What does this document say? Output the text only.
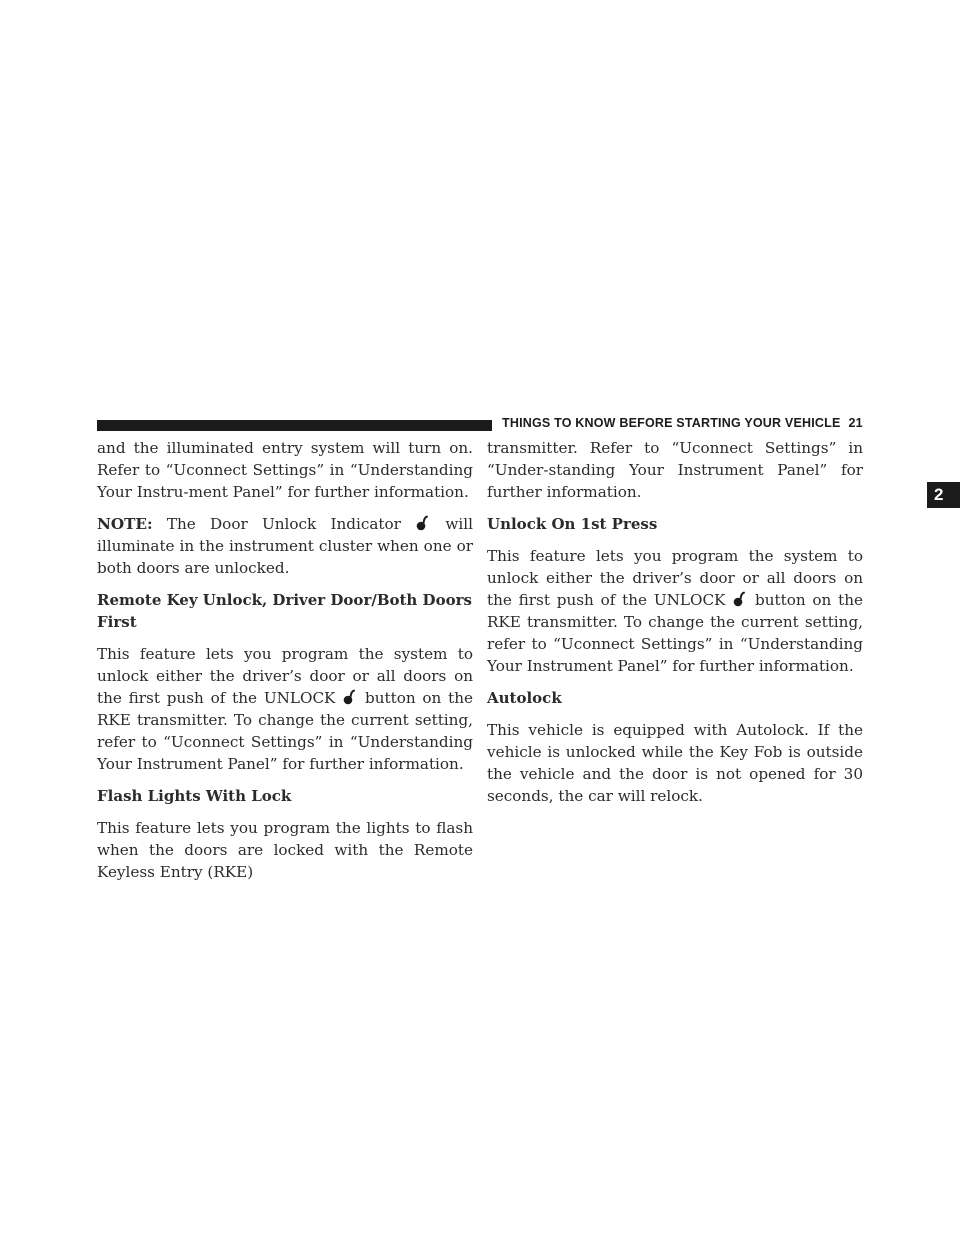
THINGS TO KNOW BEFORE STARTING YOUR VEHICLE 21
2

and the illuminated entry system will turn on. Refer to “Uconnect Settings” in “Understanding Your Instru-ment Panel” for further information.

NOTE: The Door Unlock Indicator  will illuminate in the instrument cluster when one or both doors are unlocked.

Remote Key Unlock, Driver Door/Both Doors First

This feature lets you program the system to unlock either the driver’s door or all doors on the first push of the UNLOCK  button on the RKE transmitter. To change the current setting, refer to “Uconnect Settings” in “Understanding Your Instrument Panel” for further information.

Flash Lights With Lock

This feature lets you program the lights to flash when the doors are locked with the Remote Keyless Entry (RKE)

transmitter. Refer to “Uconnect Settings” in “Under-standing Your Instrument Panel” for further information.

Unlock On 1st Press

This feature lets you program the system to unlock either the driver’s door or all doors on the first push of the UNLOCK  button on the RKE transmitter. To change the current setting, refer to “Uconnect Settings” in “Understanding Your Instrument Panel” for further information.

Autolock

This vehicle is equipped with Autolock. If the vehicle is unlocked while the Key Fob is outside the vehicle and the door is not opened for 30 seconds, the car will relock.
